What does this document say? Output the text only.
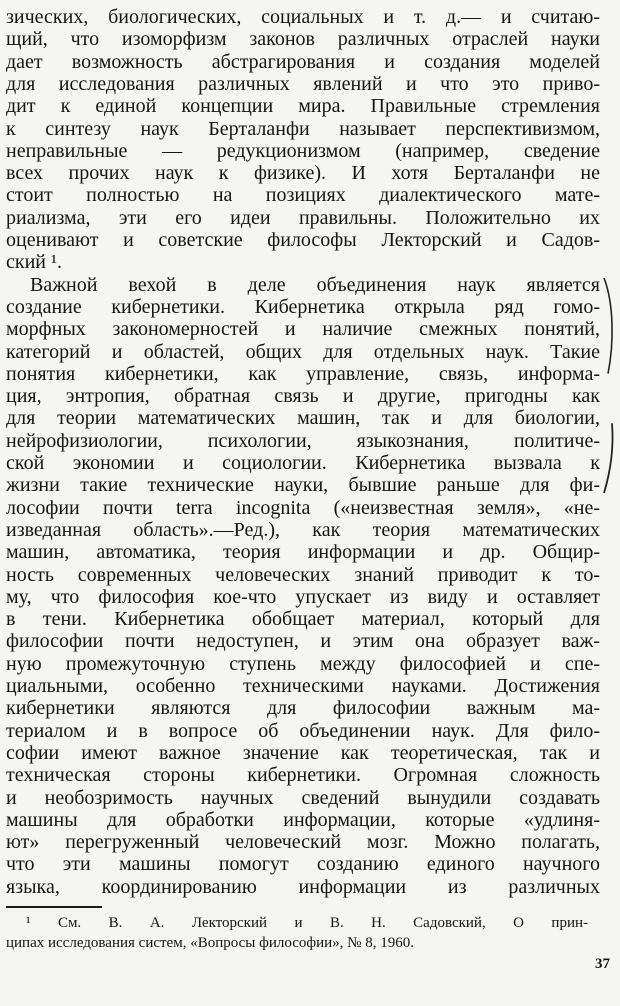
зических, биологических, социальных и т. д.— и считаю-
щий, что изоморфизм законов различных отраслей науки
дает возможность абстрагирования и создания моделей
для исследования различных явлений и что это приво-
дит к единой концепции мира. Правильные стремления
к синтезу наук Берталанфи называет перспективизмом,
неправильные — редукционизмом (например, сведение
всех прочих наук к физике). И хотя Берталанфи не
стоит полностью на позициях диалектического мате-
риализма, эти его идеи правильны. Положительно их
оценивают и советские философы Лекторский и Садов-
ский ¹.
Важной вехой в деле объединения наук является
создание кибернетики. Кибернетика открыла ряд гомо-
морфных закономерностей и наличие смежных понятий,
категорий и областей, общих для отдельных наук. Такие
понятия кибернетики, как управление, связь, информа-
ция, энтропия, обратная связь и другие, пригодны как
для теории математических машин, так и для биологии,
нейрофизиологии, психологии, языкознания, политиче-
ской экономии и социологии. Кибернетика вызвала к
жизни такие технические науки, бывшие раньше для фи-
лософии почти terra incognita («неизвестная земля», «не-
изведанная область».—Ред.), как теория математических
машин, автоматика, теория информации и др. Общир-
ность современных человеческих знаний приводит к то-
му, что философия кое-что упускает из виду и оставляет
в тени. Кибернетика обобщает материал, который для
философии почти недоступен, и этим она образует важ-
ную промежуточную ступень между философией и спе-
циальными, особенно техническими науками. Достижения
кибернетики являются для философии важным ма-
териалом и в вопросе об объединении наук. Для фило-
софии имеют важное значение как теоретическая, так и
техническая стороны кибернетики. Огромная сложность
и необозримость научных сведений вынудили создавать
машины для обработки информации, которые «удлиня-
ют» перегруженный человеческий мозг. Можно полагать,
что эти машины помогут созданию единого научного
языка, координированию информации из различных
¹ См. В. А. Лекторский и В. Н. Садовский, О прин-
ципах исследования систем, «Вопросы философии», № 8, 1960.
37
